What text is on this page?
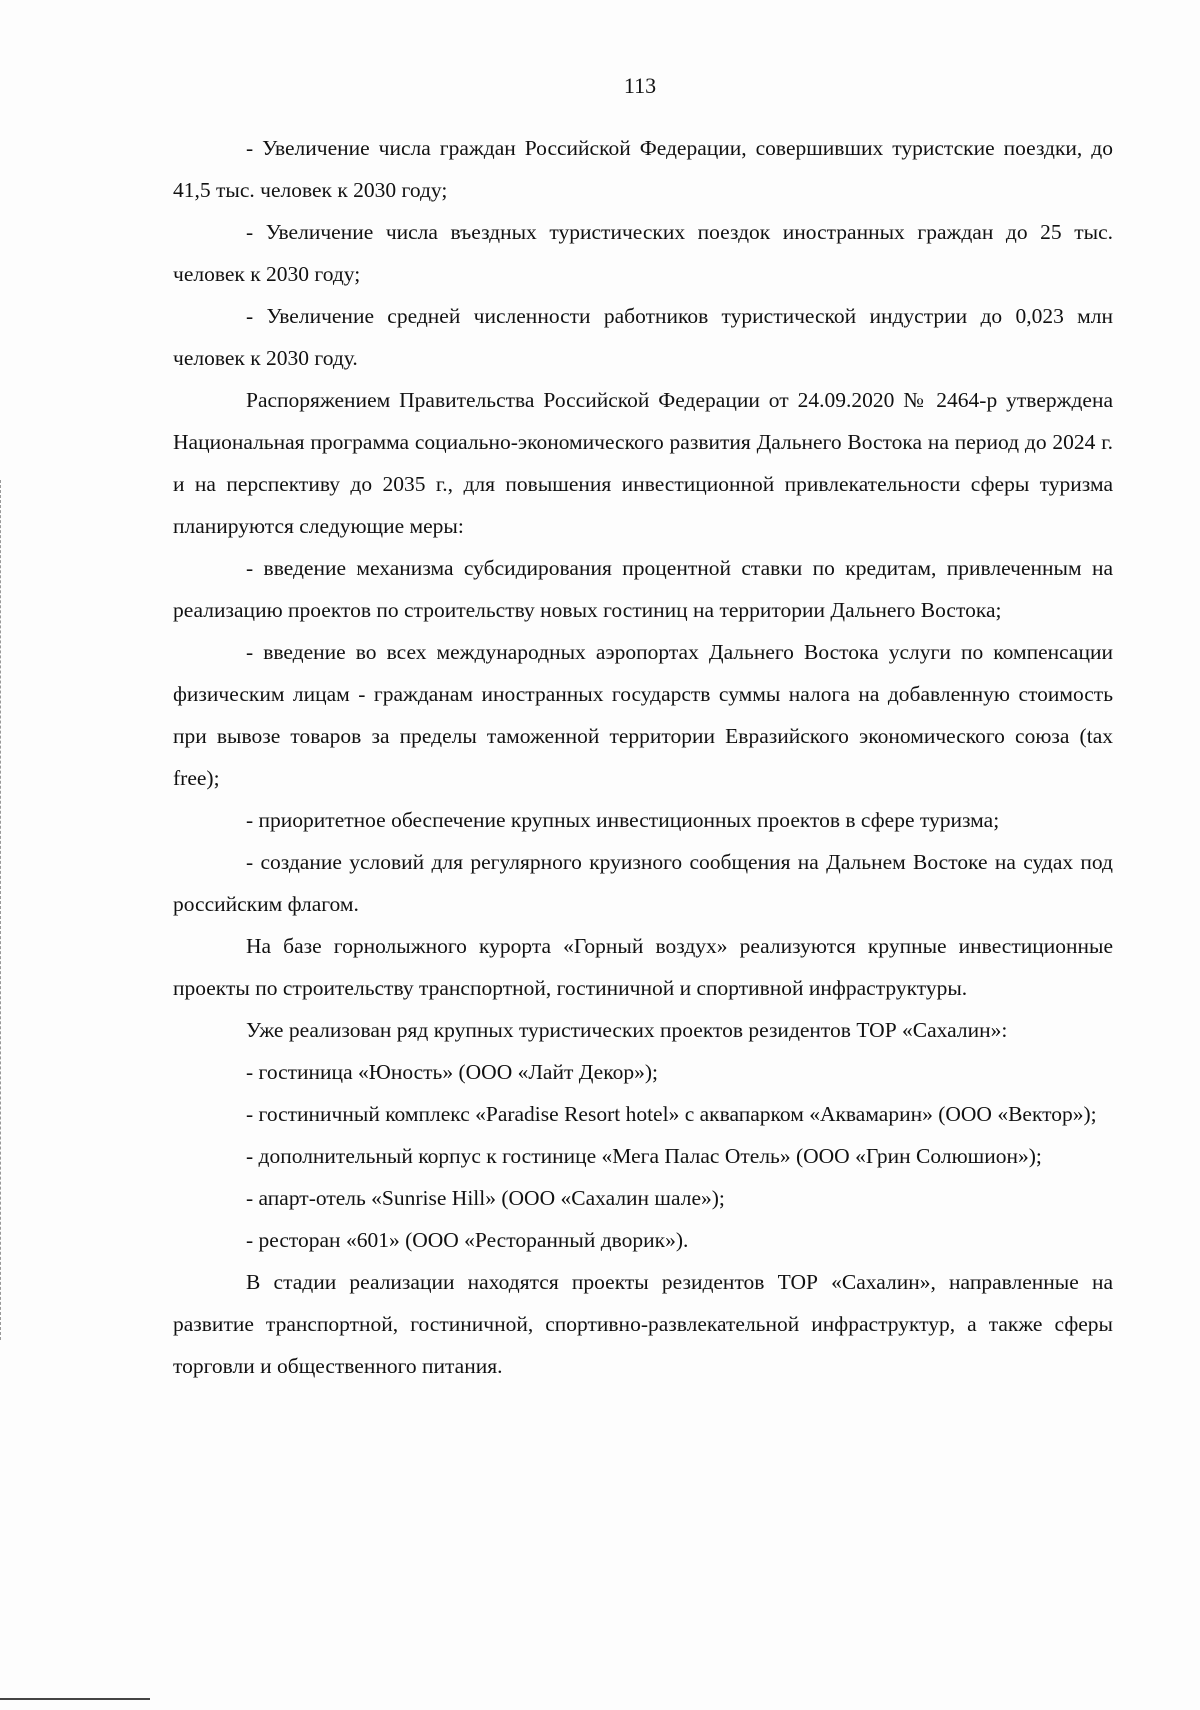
113

- Увеличение числа граждан Российской Федерации, совершивших туристские поездки, до 41,5 тыс. человек к 2030 году;

- Увеличение числа въездных туристических поездок иностранных граждан до 25 тыс. человек к 2030 году;

- Увеличение средней численности работников туристической индустрии до 0,023 млн человек к 2030 году.

Распоряжением Правительства Российской Федерации от 24.09.2020 № 2464-р утверждена Национальная программа социально-экономического развития Дальнего Востока на период до 2024 г. и на перспективу до 2035 г., для повышения инвестиционной привлекательности сферы туризма планируются следующие меры:

- введение механизма субсидирования процентной ставки по кредитам, привлеченным на реализацию проектов по строительству новых гостиниц на территории Дальнего Востока;

- введение во всех международных аэропортах Дальнего Востока услуги по компенсации физическим лицам - гражданам иностранных государств суммы налога на добавленную стоимость при вывозе товаров за пределы таможенной территории Евразийского экономического союза (tax free);

- приоритетное обеспечение крупных инвестиционных проектов в сфере туризма;

- создание условий для регулярного круизного сообщения на Дальнем Востоке на судах под российским флагом.

На базе горнолыжного курорта «Горный воздух» реализуются крупные инвестиционные проекты по строительству транспортной, гостиничной и спортивной инфраструктуры.

Уже реализован ряд крупных туристических проектов резидентов ТОР «Сахалин»:

- гостиница «Юность» (ООО «Лайт Декор»);

- гостиничный комплекс «Paradise Resort hotel» с аквапарком «Аквамарин» (ООО «Вектор»);

- дополнительный корпус к гостинице «Мега Палас Отель» (ООО «Грин Солюшион»);

- апарт-отель «Sunrise Hill» (ООО «Сахалин шале»);

- ресторан «601» (ООО «Ресторанный дворик»).

В стадии реализации находятся проекты резидентов ТОР «Сахалин», направленные на развитие транспортной, гостиничной, спортивно-развлекательной инфраструктур, а также сферы торговли и общественного питания.
